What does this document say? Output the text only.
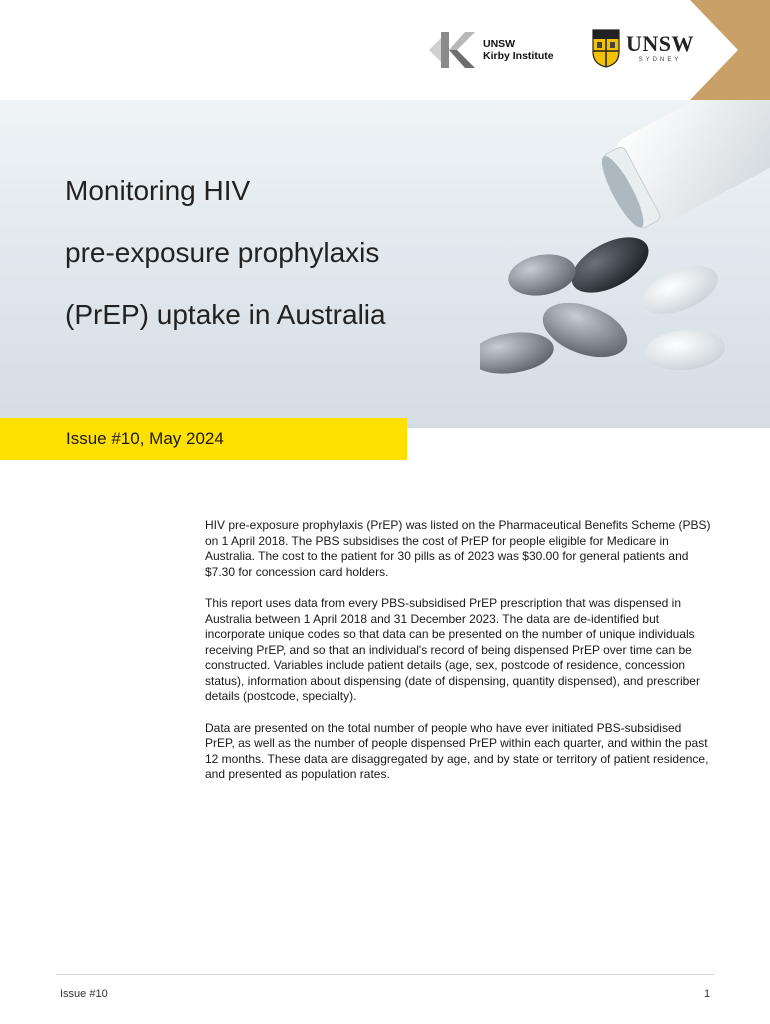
UNSW
Kirby Institute	UNSW
SYDNEY
Monitoring HIV
pre-exposure prophylaxis
(PrEP) uptake in Australia
Issue #10, May 2024

HIV pre-exposure prophylaxis (PrEP) was listed on the Pharmaceutical Benefits Scheme (PBS) on 1 April 2018. The PBS subsidises the cost of PrEP for people eligible for Medicare in Australia. The cost to the patient for 30 pills as of 2023 was $30.00 for general patients and $7.30 for concession card holders.

This report uses data from every PBS-subsidised PrEP prescription that was dispensed in Australia between 1 April 2018 and 31 December 2023. The data are de-identified but incorporate unique codes so that data can be presented on the number of unique individuals receiving PrEP, and so that an individual's record of being dispensed PrEP over time can be constructed. Variables include patient details (age, sex, postcode of residence, concession status), information about dispensing (date of dispensing, quantity dispensed), and prescriber details (postcode, specialty).

Data are presented on the total number of people who have ever initiated PBS-subsidised PrEP, as well as the number of people dispensed PrEP within each quarter, and within the past 12 months. These data are disaggregated by age, and by state or territory of patient residence, and presented as population rates.

Issue #10	1
